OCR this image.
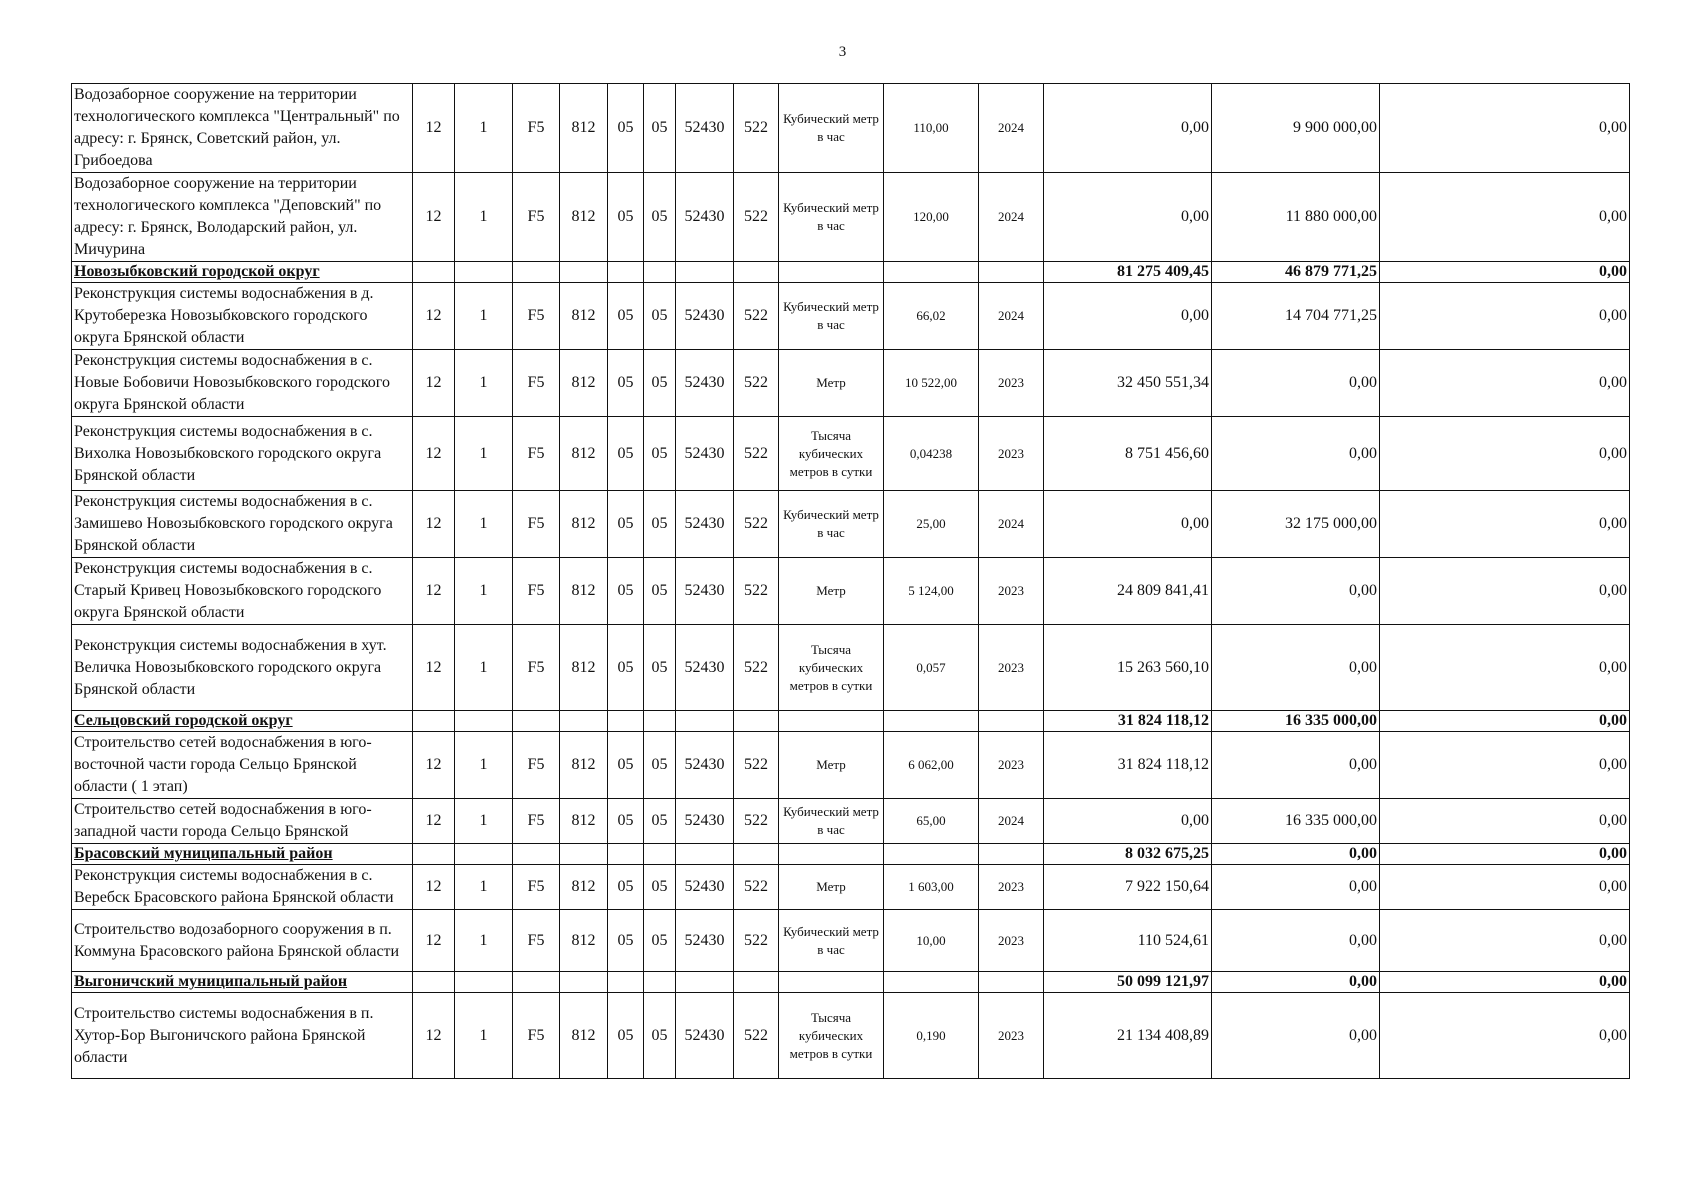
3
Водозаборное сооружение на территории технологического комплекса "Центральный" по адресу: г. Брянск, Советский район, ул. Грибоедова	12	1	F5	812	05	05	52430	522	Кубический метр в час	110,00	2024	0,00	9 900 000,00	0,00
Водозаборное сооружение на территории технологического комплекса "Деповский" по адресу: г. Брянск, Володарский район, ул. Мичурина	12	1	F5	812	05	05	52430	522	Кубический метр в час	120,00	2024	0,00	11 880 000,00	0,00
Новозыбковский городской округ												81 275 409,45	46 879 771,25	0,00
Реконструкция системы водоснабжения в д. Крутоберезка Новозыбковского городского округа Брянской области	12	1	F5	812	05	05	52430	522	Кубический метр в час	66,02	2024	0,00	14 704 771,25	0,00
Реконструкция системы водоснабжения в с. Новые Бобовичи Новозыбковского городского округа Брянской области	12	1	F5	812	05	05	52430	522	Метр	10 522,00	2023	32 450 551,34	0,00	0,00
Реконструкция системы водоснабжения в с. Вихолка Новозыбковского городского округа Брянской области	12	1	F5	812	05	05	52430	522	Тысяча кубических метров в сутки	0,04238	2023	8 751 456,60	0,00	0,00
Реконструкция системы водоснабжения в с. Замишево Новозыбковского городского округа Брянской области	12	1	F5	812	05	05	52430	522	Кубический метр в час	25,00	2024	0,00	32 175 000,00	0,00
Реконструкция системы водоснабжения в с. Старый Кривец Новозыбковского городского округа Брянской области	12	1	F5	812	05	05	52430	522	Метр	5 124,00	2023	24 809 841,41	0,00	0,00
Реконструкция системы водоснабжения в хут. Величка Новозыбковского городского округа Брянской области	12	1	F5	812	05	05	52430	522	Тысяча кубических метров в сутки	0,057	2023	15 263 560,10	0,00	0,00
Сельцовский городской округ												31 824 118,12	16 335 000,00	0,00
Строительство сетей водоснабжения в юго-восточной части города Сельцо Брянской области ( 1 этап)	12	1	F5	812	05	05	52430	522	Метр	6 062,00	2023	31 824 118,12	0,00	0,00
Строительство сетей водоснабжения в юго-западной части города Сельцо Брянской	12	1	F5	812	05	05	52430	522	Кубический метр в час	65,00	2024	0,00	16 335 000,00	0,00
Брасовский муниципальный район												8 032 675,25	0,00	0,00
Реконструкция системы водоснабжения в с. Веребск Брасовского района Брянской области	12	1	F5	812	05	05	52430	522	Метр	1 603,00	2023	7 922 150,64	0,00	0,00
Строительство водозаборного сооружения в п. Коммуна Брасовского района Брянской области	12	1	F5	812	05	05	52430	522	Кубический метр в час	10,00	2023	110 524,61	0,00	0,00
Выгоничский муниципальный район												50 099 121,97	0,00	0,00
Строительство системы водоснабжения в п. Хутор-Бор Выгоничского района Брянской области	12	1	F5	812	05	05	52430	522	Тысяча кубических метров в сутки	0,190	2023	21 134 408,89	0,00	0,00
